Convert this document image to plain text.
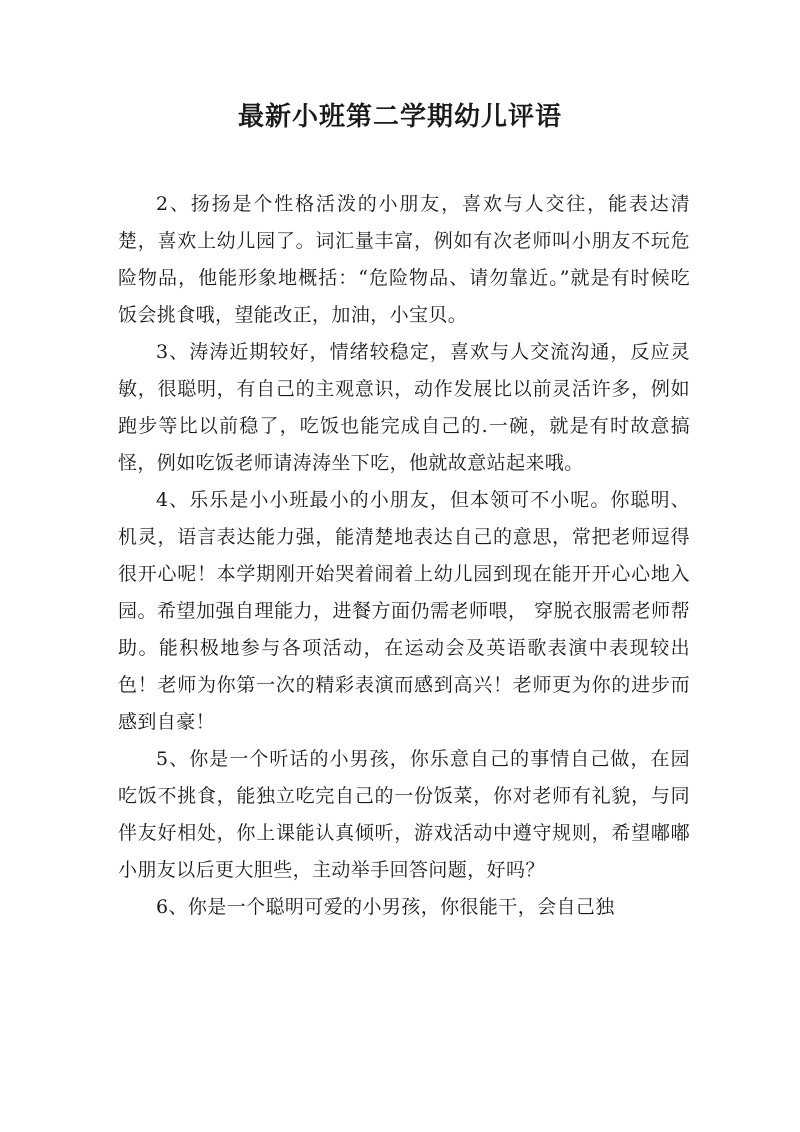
最新小班第二学期幼儿评语

2、扬扬是个性格活泼的小朋友，喜欢与人交往，能表达清楚，喜欢上幼儿园了。词汇量丰富，例如有次老师叫小朋友不玩危险物品，他能形象地概括：“危险物品、请勿靠近。”就是有时候吃饭会挑食哦，望能改正，加油，小宝贝。

3、涛涛近期较好，情绪较稳定，喜欢与人交流沟通，反应灵敏，很聪明，有自己的主观意识，动作发展比以前灵活许多，例如跑步等比以前稳了，吃饭也能完成自己的.一碗，就是有时故意搞怪，例如吃饭老师请涛涛坐下吃，他就故意站起来哦。

4、乐乐是小小班最小的小朋友，但本领可不小呢。你聪明、机灵，语言表达能力强，能清楚地表达自己的意思，常把老师逗得很开心呢！本学期刚开始哭着闹着上幼儿园到现在能开开心心地入园。希望加强自理能力，进餐方面仍需老师喂， 穿脱衣服需老师帮助。能积极地参与各项活动，在运动会及英语歌表演中表现较出色！老师为你第一次的精彩表演而感到高兴！老师更为你的进步而感到自豪！

5、你是一个听话的小男孩，你乐意自己的事情自己做，在园吃饭不挑食，能独立吃完自己的一份饭菜，你对老师有礼貌，与同伴友好相处，你上课能认真倾听，游戏活动中遵守规则，希望嘟嘟小朋友以后更大胆些，主动举手回答问题，好吗？

6、你是一个聪明可爱的小男孩，你很能干，会自己独
